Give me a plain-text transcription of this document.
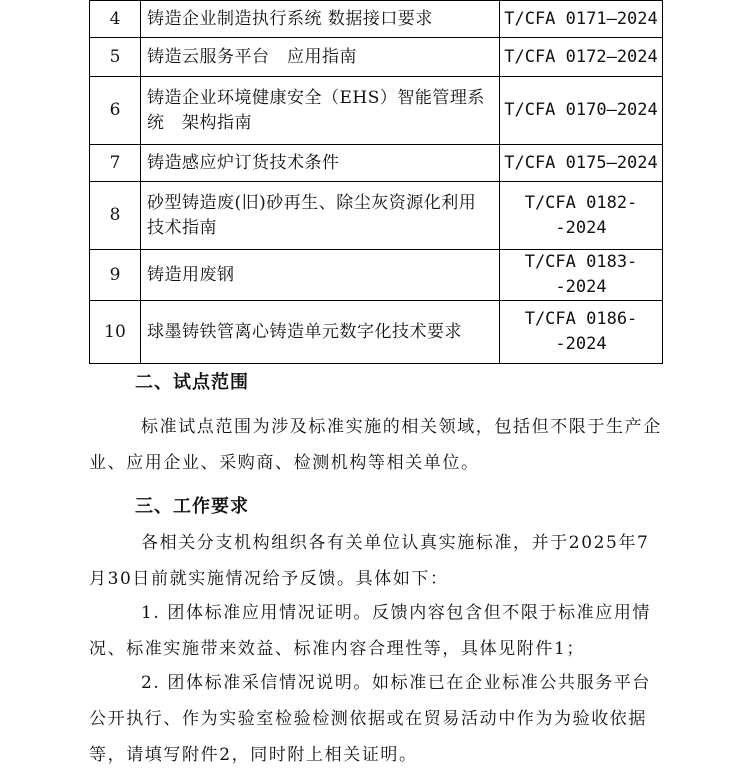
4	铸造企业制造执行系统 数据接口要求	T/CFA 0171—2024
5	铸造云服务平台　应用指南	T/CFA 0172—2024
6	铸造企业环境健康安全（EHS）智能管理系统　架构指南	T/CFA 0170—2024
7	铸造感应炉订货技术条件	T/CFA 0175—2024
8	砂型铸造废(旧)砂再生、除尘灰资源化利用技术指南	T/CFA 0182--2024
9	铸造用废钢	T/CFA 0183--2024
10	球墨铸铁管离心铸造单元数字化技术要求	T/CFA 0186--2024
二、试点范围

标准试点范围为涉及标准实施的相关领域，包括但不限于生产企业、应用企业、采购商、检测机构等相关单位。

三、工作要求

各相关分支机构组织各有关单位认真实施标准，并于2025年7月30日前就实施情况给予反馈。具体如下：

1. 团体标准应用情况证明。反馈内容包含但不限于标准应用情况、标准实施带来效益、标准内容合理性等，具体见附件1；

2. 团体标准采信情况说明。如标准已在企业标准公共服务平台公开执行、作为实验室检验检测依据或在贸易活动中作为为验收依据等，请填写附件2，同时附上相关证明。
